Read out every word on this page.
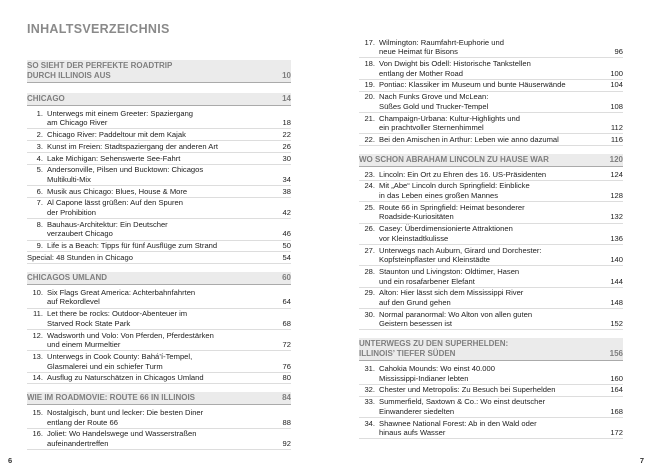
INHALTSVERZEICHNIS
SO SIEHT DER PERFEKTE ROADTRIP
DURCH ILLINOIS AUS	10
CHICAGO	14
1. Unterwegs mit einem Greeter: Spaziergang
am Chicago River	18
2. Chicago River: Paddeltour mit dem Kajak	22
3. Kunst im Freien: Stadtspaziergang der anderen Art	26
4. Lake Michigan: Sehenswerte See-Fahrt	30
5. Andersonville, Pilsen und Bucktown: Chicagos
Multikulti-Mix	34
6. Musik aus Chicago: Blues, House & More	38
7. Al Capone lässt grüßen: Auf den Spuren
der Prohibition	42
8. Bauhaus-Architektur: Ein Deutscher
verzaubert Chicago	46
9. Life is a Beach: Tipps für fünf Ausflüge zum Strand	50
Special: 48 Stunden in Chicago	54
CHICAGOS UMLAND	60
10. Six Flags Great America: Achterbahnfahrten
auf Rekordlevel	64
11. Let there be rocks: Outdoor-Abenteuer im
Starved Rock State Park	68
12. Wadsworth und Volo: Von Pferden, Pferdestärken
und einem Murmeltier	72
13. Unterwegs in Cook County: Bahá’í-Tempel,
Glasmalerei und ein schiefer Turm	76
14. Ausflug zu Naturschätzen in Chicagos Umland	80
WIE IM ROADMOVIE: ROUTE 66 IN ILLINOIS	84
15. Nostalgisch, bunt und lecker: Die besten Diner
entlang der Route 66	88
16. Joliet: Wo Handelswege und Wasserstraßen
aufeinandertreffen	92
6
17. Wilmington: Raumfahrt-Euphorie und
neue Heimat für Bisons	96
18. Von Dwight bis Odell: Historische Tankstellen
entlang der Mother Road	100
19. Pontiac: Klassiker im Museum und bunte Häuserwände	104
20. Nach Funks Grove und McLean:
Süßes Gold und Trucker-Tempel	108
21. Champaign-Urbana: Kultur-Highlights und
ein prachtvoller Sternenhimmel	112
22. Bei den Amischen in Arthur: Leben wie anno dazumal	116
WO SCHON ABRAHAM LINCOLN ZU HAUSE WAR	120
23. Lincoln: Ein Ort zu Ehren des 16. US-Präsidenten	124
24. Mit „Abe“ Lincoln durch Springfield: Einblicke
in das Leben eines großen Mannes	128
25. Route 66 in Springfield: Heimat besonderer
Roadside-Kuriositäten	132
26. Casey: Überdimensionierte Attraktionen
vor Kleinstadtkulisse	136
27. Unterwegs nach Auburn, Girard und Dorchester:
Kopfsteinpflaster und Kleinstädte	140
28. Staunton und Livingston: Oldtimer, Hasen
und ein rosafarbener Elefant	144
29. Alton: Hier lässt sich dem Mississippi River
auf den Grund gehen	148
30. Normal paranormal: Wo Alton von allen guten
Geistern besessen ist	152
UNTERWEGS ZU DEN SUPERHELDEN:
ILLINOIS’ TIEFER SÜDEN	156
31. Cahokia Mounds: Wo einst 40.000
Mississippi-Indianer lebten	160
32. Chester und Metropolis: Zu Besuch bei Superhelden	164
33. Summerfield, Saxtown & Co.: Wo einst deutscher
Einwanderer siedelten	168
34. Shawnee National Forest: Ab in den Wald oder
hinaus aufs Wasser	172
7
